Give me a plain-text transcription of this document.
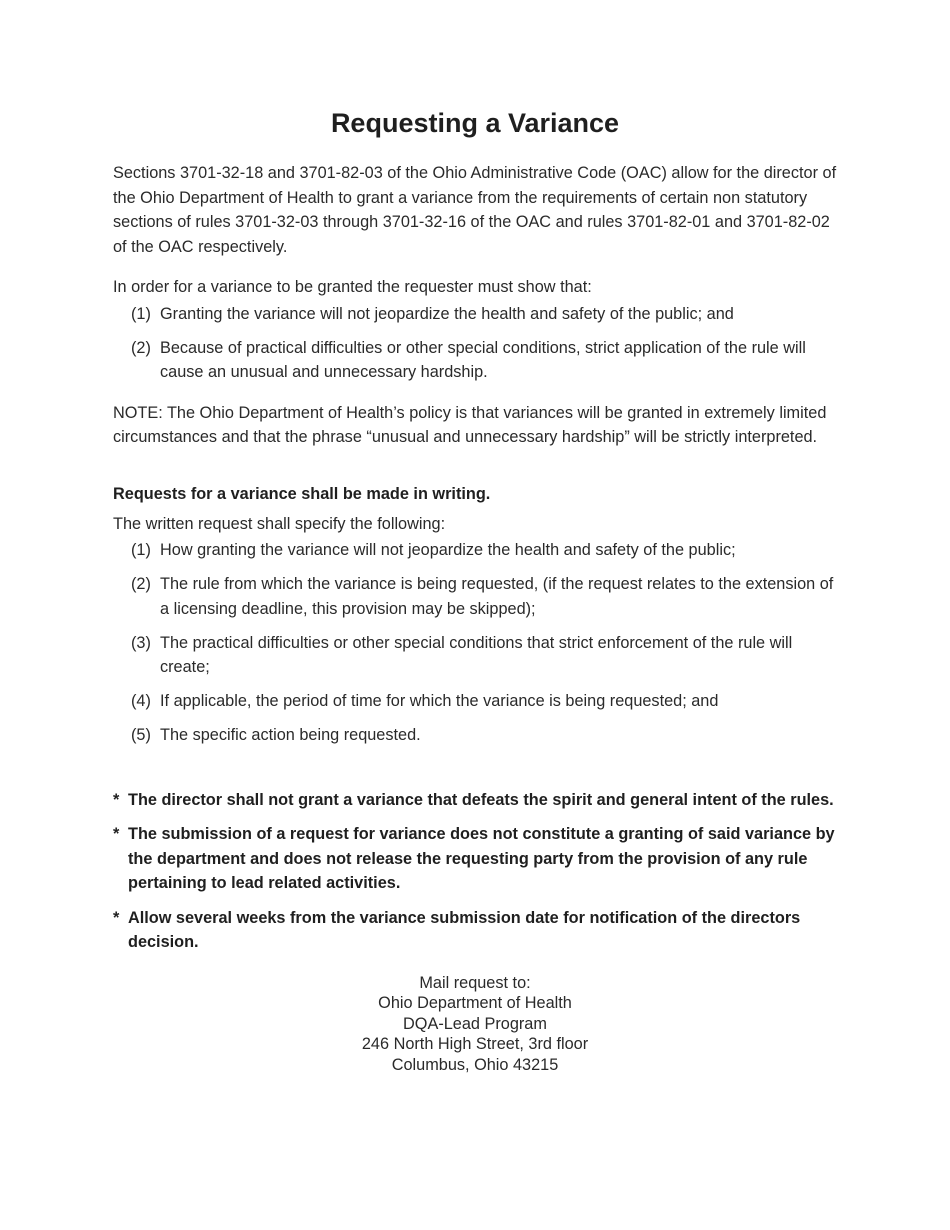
Requesting a Variance

Sections 3701-32-18 and 3701-82-03 of the Ohio Administrative Code (OAC) allow for the director of the Ohio Department of Health to grant a variance from the requirements of certain non statutory sections of rules 3701-32-03 through 3701-32-16 of the OAC and rules 3701-82-01 and 3701-82-02 of the OAC respectively.

In order for a variance to be granted the requester must show that:

(1) Granting the variance will not jeopardize the health and safety of the public; and
(2) Because of practical difficulties or other special conditions, strict application of the rule will cause an unusual and unnecessary hardship.

NOTE: The Ohio Department of Health’s policy is that variances will be granted in extremely limited circumstances and that the phrase “unusual and unnecessary hardship” will be strictly interpreted.

Requests for a variance shall be made in writing.

The written request shall specify the following:

(1) How granting the variance will not jeopardize the health and safety of the public;
(2) The rule from which the variance is being requested, (if the request relates to the extension of a licensing deadline, this provision may be skipped);
(3) The practical difficulties or other special conditions that strict enforcement of the rule will create;
(4) If applicable, the period of time for which the variance is being requested; and
(5) The specific action being requested.
* The director shall not grant a variance that defeats the spirit and general intent of the rules.
* The submission of a request for variance does not constitute a granting of said variance by the department and does not release the requesting party from the provision of any rule pertaining to lead related activities.
* Allow several weeks from the variance submission date for notification of the directors decision.
Mail request to:
Ohio Department of Health
DQA-Lead Program
246 North High Street, 3rd floor
Columbus, Ohio 43215
